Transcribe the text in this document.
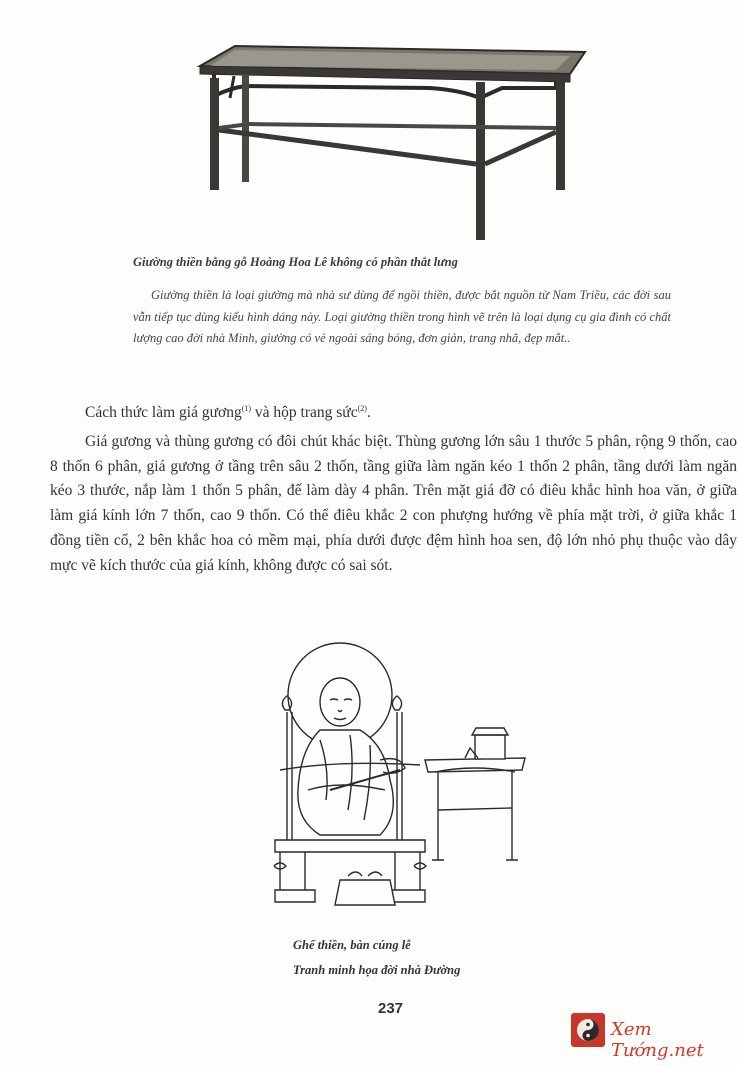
Giường thiền bằng gỗ Hoàng Hoa Lê không có phần thắt lưng
Giường thiền là loại giường mà nhà sư dùng để ngồi thiền, được bắt nguồn từ Nam Triều, các đời sau vẫn tiếp tục dùng kiểu hình dáng này. Loại giường thiền trong hình vẽ trên là loại dụng cụ gia đình có chất lượng cao đời nhà Minh, giường có vẻ ngoài sáng bóng, đơn giản, trang nhã, đẹp mắt..
Cách thức làm giá gương$^{(1)}$ và hộp trang sức$^{(2)}$.
Giá gương và thùng gương có đôi chút khác biệt. Thùng gương lớn sâu 1 thước 5 phân, rộng 9 thốn, cao 8 thốn 6 phân, giá gương ở tầng trên sâu 2 thốn, tầng giữa làm ngăn kéo 1 thốn 2 phân, tầng dưới làm ngăn kéo 3 thước, nắp làm 1 thốn 5 phân, đế làm dày 4 phân. Trên mặt giá đỡ có điêu khắc hình hoa văn, ở giữa làm giá kính lớn 7 thốn, cao 9 thốn. Có thể điêu khắc 2 con phượng hướng về phía mặt trời, ở giữa khắc 1 đồng tiền cổ, 2 bên khắc hoa cỏ mềm mại, phía dưới được đệm hình hoa sen, độ lớn nhỏ phụ thuộc vào dây mực vẽ kích thước của giá kính, không được có sai sót.
Ghế thiền, bàn cúng lễ
Tranh minh họa đời nhà Đường
237
Xem Tướng.net
